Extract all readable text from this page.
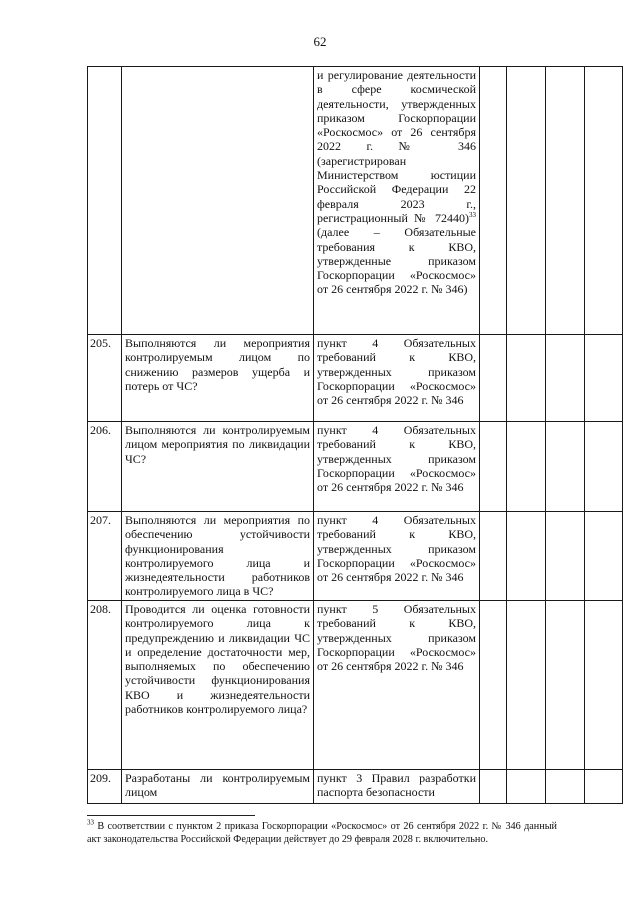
62

		и регулирование деятельности в сфере космической деятельности, утвержденных приказом Госкорпорации «Роскосмос» от 26 сентября 2022 г. № 346 (зарегистрирован Министерством юстиции Российской Федерации 22 февраля 2023 г., регистрационный № 72440)$^{33}$ (далее – Обязательные требования к КВО, утвержденные приказом Госкорпорации «Роскосмос» от 26 сентября 2022 г. № 346)				

205.	Выполняются ли мероприятия контролируемым лицом по снижению размеров ущерба и потерь от ЧС?	пункт 4 Обязательных требований к КВО, утвержденных приказом Госкорпорации «Роскосмос» от 26 сентября 2022 г. № 346				

206.	Выполняются ли контролируемым лицом мероприятия по ликвидации ЧС?	пункт 4 Обязательных требований к КВО, утвержденных приказом Госкорпорации «Роскосмос» от 26 сентября 2022 г. № 346				

207.	Выполняются ли мероприятия по обеспечению устойчивости функционирования контролируемого лица и жизнедеятельности работников контролируемого лица в ЧС?	пункт 4 Обязательных требований к КВО, утвержденных приказом Госкорпорации «Роскосмос» от 26 сентября 2022 г. № 346				

208.	Проводится ли оценка готовности контролируемого лица к предупреждению и ликвидации ЧС и определение достаточности мер, выполняемых по обеспечению устойчивости функционирования КВО и жизнедеятельности работников контролируемого лица?	пункт 5 Обязательных требований к КВО, утвержденных приказом Госкорпорации «Роскосмос» от 26 сентября 2022 г. № 346				

209.	Разработаны ли контролируемым лицом	пункт 3 Правил разработки паспорта безопасности				
$^{33}$ В соответствии с пунктом 2 приказа Госкорпорации «Роскосмос» от 26 сентября 2022 г. № 346 данный акт законодательства Российской Федерации действует до 29 февраля 2028 г. включительно.
